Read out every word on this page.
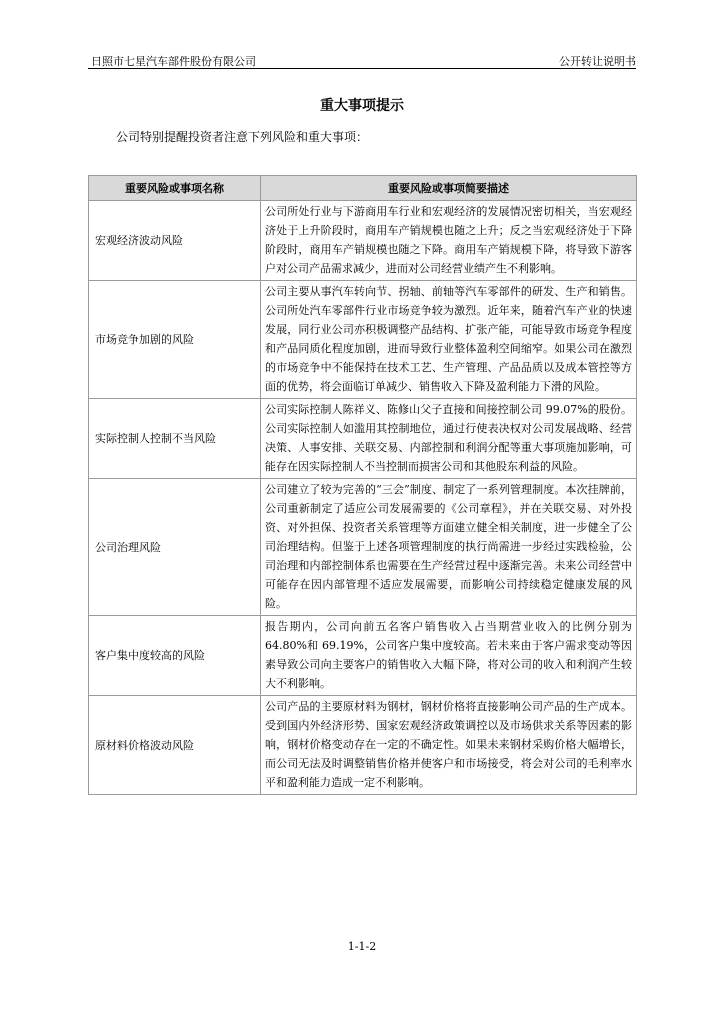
日照市七星汽车部件股份有限公司	公开转让说明书
重大事项提示
公司特别提醒投资者注意下列风险和重大事项：
重要风险或事项名称	重要风险或事项简要描述
宏观经济波动风险	公司所处行业与下游商用车行业和宏观经济的发展情况密切相关，当宏观经济处于上升阶段时，商用车产销规模也随之上升；反之当宏观经济处于下降阶段时，商用车产销规模也随之下降。商用车产销规模下降，将导致下游客户对公司产品需求减少，进而对公司经营业绩产生不利影响。
市场竞争加剧的风险	公司主要从事汽车转向节、拐轴、前轴等汽车零部件的研发、生产和销售。公司所处汽车零部件行业市场竞争较为激烈。近年来，随着汽车产业的快速发展，同行业公司亦积极调整产品结构、扩张产能，可能导致市场竞争程度和产品同质化程度加剧，进而导致行业整体盈利空间缩窄。如果公司在激烈的市场竞争中不能保持在技术工艺、生产管理、产品品质以及成本管控等方面的优势，将会面临订单减少、销售收入下降及盈利能力下滑的风险。
实际控制人控制不当风险	公司实际控制人陈祥义、陈修山父子直接和间接控制公司 99.07%的股份。公司实际控制人如滥用其控制地位，通过行使表决权对公司发展战略、经营决策、人事安排、关联交易、内部控制和利润分配等重大事项施加影响，可能存在因实际控制人不当控制而损害公司和其他股东利益的风险。
公司治理风险	公司建立了较为完善的“三会”制度、制定了一系列管理制度。本次挂牌前，公司重新制定了适应公司发展需要的《公司章程》，并在关联交易、对外投资、对外担保、投资者关系管理等方面建立健全相关制度，进一步健全了公司治理结构。但鉴于上述各项管理制度的执行尚需进一步经过实践检验，公司治理和内部控制体系也需要在生产经营过程中逐渐完善。未来公司经营中可能存在因内部管理不适应发展需要，而影响公司持续稳定健康发展的风险。
客户集中度较高的风险	报告期内，公司向前五名客户销售收入占当期营业收入的比例分别为 64.80%和 69.19%，公司客户集中度较高。若未来由于客户需求变动等因素导致公司向主要客户的销售收入大幅下降，将对公司的收入和利润产生较大不利影响。
原材料价格波动风险	公司产品的主要原材料为钢材，钢材价格将直接影响公司产品的生产成本。受到国内外经济形势、国家宏观经济政策调控以及市场供求关系等因素的影响，钢材价格变动存在一定的不确定性。如果未来钢材采购价格大幅增长，而公司无法及时调整销售价格并使客户和市场接受，将会对公司的毛利率水平和盈利能力造成一定不利影响。
1-1-2
